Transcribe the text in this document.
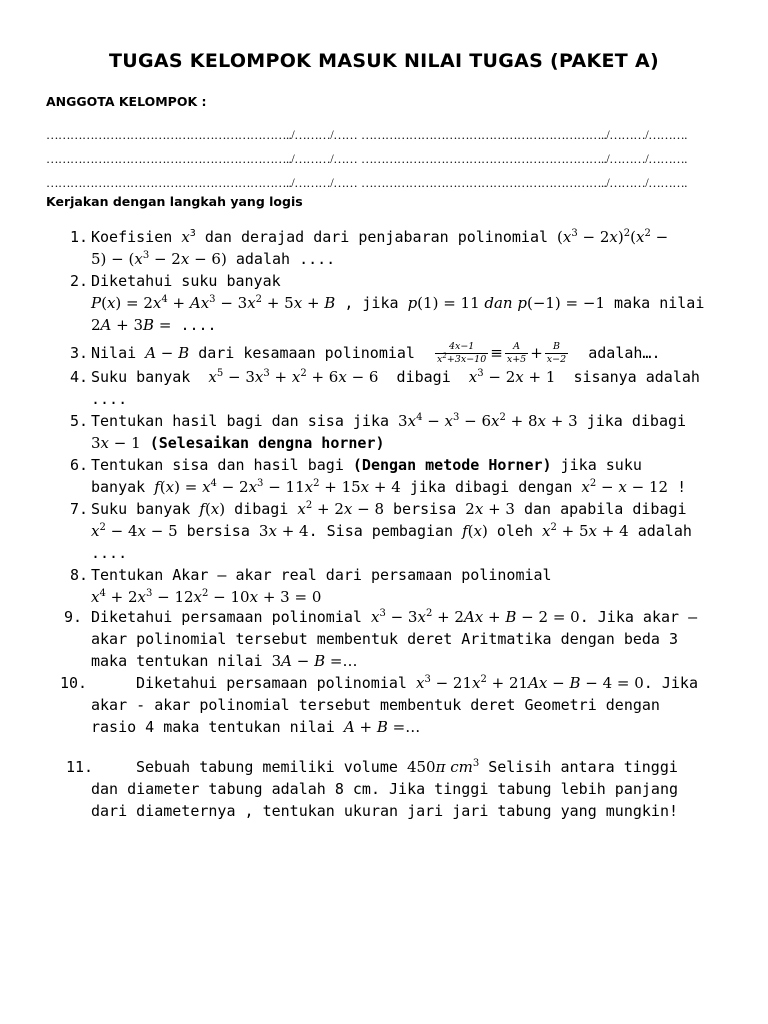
TUGAS KELOMPOK MASUK NILAI TUGAS (PAKET A)
ANGGOTA KELOMPOK :
……………………………………………………../………/…… ……………………………………………………../………/……….
……………………………………………………../………/…… ……………………………………………………../………/……….
……………………………………………………../………/…… ……………………………………………………../………/……….
Kerjakan dengan langkah yang logis
1. Koefisien $x^3$ dan derajad dari penjabaran polinomial $(x^3 - 2x)^2(x^2$ −
$5) - (x^3 - 2x - 6)$ adalah ....
2. Diketahui suku banyak
$P(x) = 2x^4 + Ax^3 - 3x^2 + 5x + B$ , jika p(1) = 11 dan p(−1) = −1 maka nilai
2A + 3B = ....
3. Nilai A − B dari kesamaan polinomial $\frac{4x-1}{x^2+3x-10} \equiv \frac{A}{x+5} + \frac{B}{x-2}$ adalah….
4. Suku banyak  $x^5 - 3x^3 + x^2 + 6x - 6$  dibagi  $x^3 - 2x + 1$  sisanya adalah
....
5. Tentukan hasil bagi dan sisa jika $3x^4 - x^3 - 6x^2 + 8x + 3$ jika dibagi
3x − 1 (Selesaikan dengna horner)
6. Tentukan sisa dan hasil bagi (Dengan metode Horner) jika suku
banyak $f(x) = x^4 - 2x^3 - 11x^2 + 15x + 4$ jika dibagi dengan $x^2 - x - 12$ !
7. Suku banyak f(x) dibagi $x^2 + 2x - 8$ bersisa 2x + 3 dan apabila dibagi
$x^2 - 4x - 5$ bersisa 3x + 4. Sisa pembagian f(x) oleh $x^2 + 5x + 4$ adalah
....
8. Tentukan Akar – akar real dari persamaan polinomial
$x^4 + 2x^3 - 12x^2 - 10x + 3 = 0$
9. Diketahui persamaan polinomial $x^3 - 3x^2 + 2Ax + B - 2 = 0$. Jika akar –
akar polinomial tersebut membentuk deret Aritmatika dengan beda 3
maka tentukan nilai 3A − B =…
10.	Diketahui persamaan polinomial $x^3 - 21x^2 + 21Ax - B - 4 = 0$. Jika
akar - akar polinomial tersebut membentuk deret Geometri dengan
rasio 4 maka tentukan nilai A + B =…
11.	Sebuah tabung memiliki volume 450π $cm^3$ Selisih antara tinggi
dan diameter tabung adalah 8 cm. Jika tinggi tabung lebih panjang
dari diameternya , tentukan ukuran jari jari tabung yang mungkin!
